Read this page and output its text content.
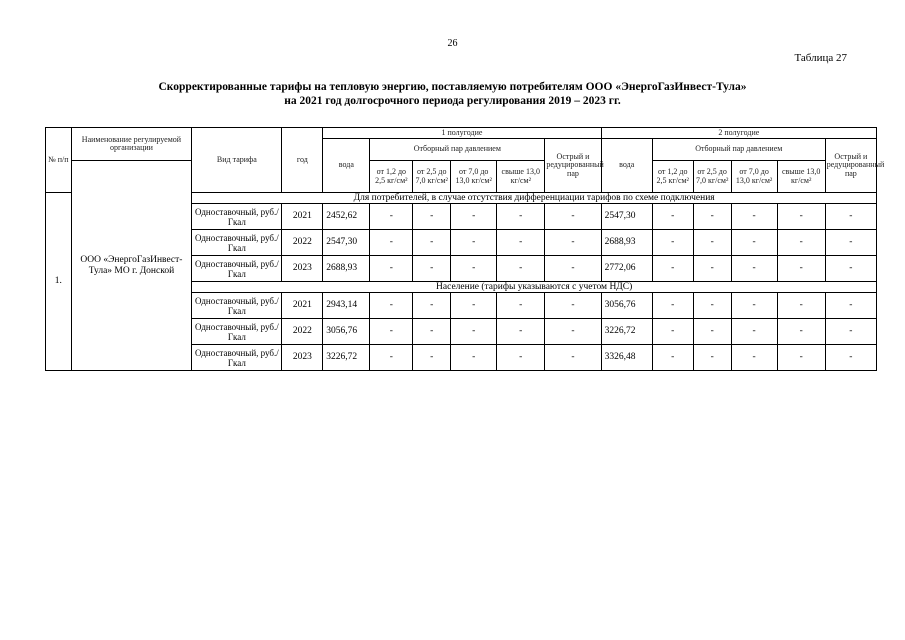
26
Таблица 27
Скорректированные тарифы на тепловую энергию, поставляемую потребителям ООО «ЭнергоГазИнвест-Тула»
на 2021 год долгосрочного периода регулирования 2019 – 2023 гг.
№ п/п	Наименование регулируемой организации	Вид тарифа	год	1 полугодие						2 полугодие					
				вода	Отборный пар давлением				Острый и редуцированный пар	вода	Отборный пар давлением				Острый и редуцированный пар
	ООО «ЭнергоГазИнвест-Тула» МО г. Донской				от 1,2 до 2,5 кг/см²	от 2,5 до 7,0 кг/см²	от 7,0 до 13,0 кг/см²	свыше 13,0 кг/см²			от 1,2 до 2,5 кг/см²	от 2,5 до 7,0 кг/см²	от 7,0 до 13,0 кг/см²	свыше 13,0 кг/см²	
1.		Для потребителей, в случае отсутствия дифференциации тарифов по схеме подключения													
		Одноставочный, руб./Гкал	2021	2452,62	-	-	-	-	-	2547,30	-	-	-	-	-
		Одноставочный, руб./Гкал	2022	2547,30	-	-	-	-	-	2688,93	-	-	-	-	-
		Одноставочный, руб./Гкал	2023	2688,93	-	-	-	-	-	2772,06	-	-	-	-	-
		Население (тарифы указываются с учетом НДС)													
		Одноставочный, руб./Гкал	2021	2943,14	-	-	-	-	-	3056,76	-	-	-	-	-
		Одноставочный, руб./Гкал	2022	3056,76	-	-	-	-	-	3226,72	-	-	-	-	-
		Одноставочный, руб./Гкал	2023	3226,72	-	-	-	-	-	3326,48	-	-	-	-	-
